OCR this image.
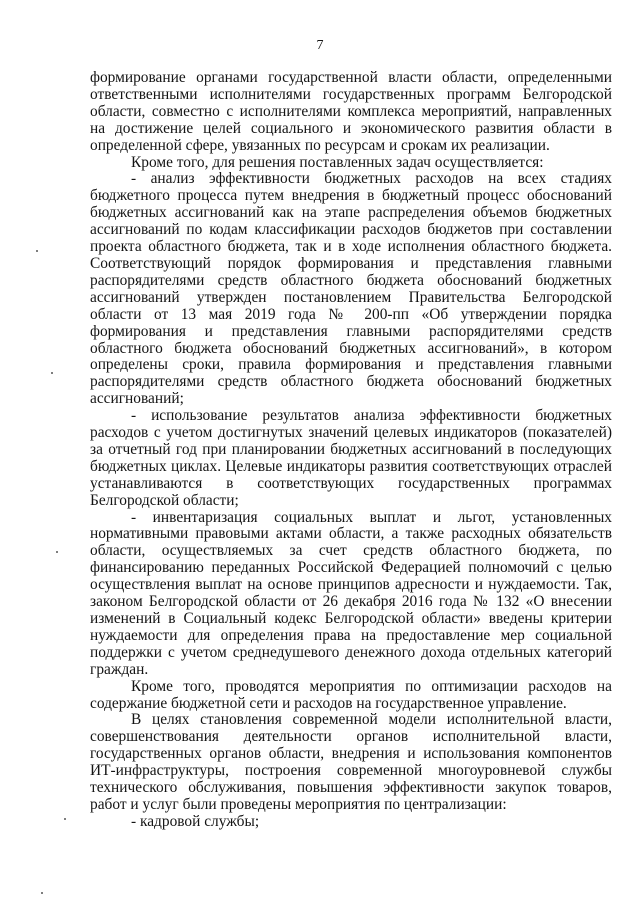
7

формирование органами государственной власти области, определенными ответственными исполнителями государственных программ Белгородской области, совместно с исполнителями комплекса мероприятий, направленных на достижение целей социального и экономического развития области в определенной сфере, увязанных по ресурсам и срокам их реализации.

Кроме того, для решения поставленных задач осуществляется:

- анализ эффективности бюджетных расходов на всех стадиях бюджетного процесса путем внедрения в бюджетный процесс обоснований бюджетных ассигнований как на этапе распределения объемов бюджетных ассигнований по кодам классификации расходов бюджетов при составлении проекта областного бюджета, так и в ходе исполнения областного бюджета. Соответствующий порядок формирования и представления главными распорядителями средств областного бюджета обоснований бюджетных ассигнований утвержден постановлением Правительства Белгородской области от 13 мая 2019 года № 200-пп «Об утверждении порядка формирования и представления главными распорядителями средств областного бюджета обоснований бюджетных ассигнований», в котором определены сроки, правила формирования и представления главными распорядителями средств областного бюджета обоснований бюджетных ассигнований;

- использование результатов анализа эффективности бюджетных расходов с учетом достигнутых значений целевых индикаторов (показателей) за отчетный год при планировании бюджетных ассигнований в последующих бюджетных циклах. Целевые индикаторы развития соответствующих отраслей устанавливаются в соответствующих государственных программах Белгородской области;

- инвентаризация социальных выплат и льгот, установленных нормативными правовыми актами области, а также расходных обязательств области, осуществляемых за счет средств областного бюджета, по финансированию переданных Российской Федерацией полномочий с целью осуществления выплат на основе принципов адресности и нуждаемости. Так, законом Белгородской области от 26 декабря 2016 года № 132 «О внесении изменений в Социальный кодекс Белгородской области» введены критерии нуждаемости для определения права на предоставление мер социальной поддержки с учетом среднедушевого денежного дохода отдельных категорий граждан.

Кроме того, проводятся мероприятия по оптимизации расходов на содержание бюджетной сети и расходов на государственное управление.

В целях становления современной модели исполнительной власти, совершенствования деятельности органов исполнительной власти, государственных органов области, внедрения и использования компонентов ИТ-инфраструктуры, построения современной многоуровневой службы технического обслуживания, повышения эффективности закупок товаров, работ и услуг были проведены мероприятия по централизации:

- кадровой службы;
